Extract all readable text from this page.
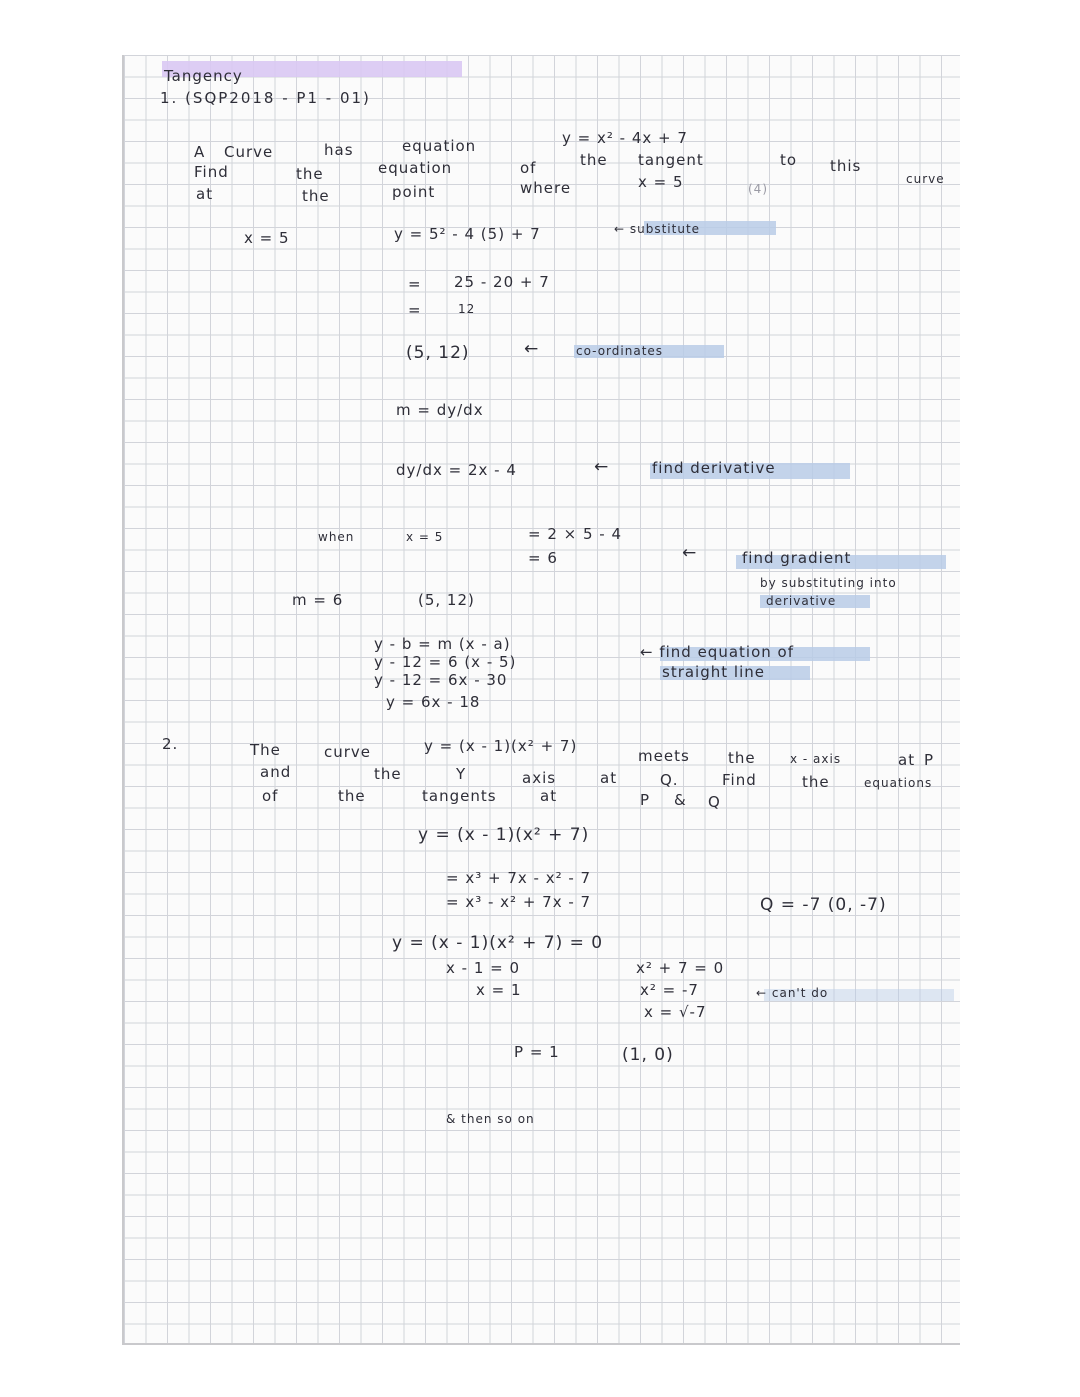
Tangency
1. (SQP2018 - P1 - 01)
A Curve	has	equation	y = x² - 4x + 7
Find	the	equation	of	the tangent	to this
curve
at	the	point	where	x = 5	(4)
x = 5	y = 5² - 4 (5) + 7	← substitute
= 25 - 20 + 7
=	12
(5, 12)	←	co-ordinates
m = dy/dx
dy/dx = 2x - 4	←	find derivative
when	x = 5	= 2 × 5 - 4
= 6	←	find gradient
by substituting into
derivative
m = 6	(5, 12)
y - b = m (x - a)
y - 12 = 6 (x - 5)
y - 12 = 6x - 30
y = 6x - 18
← find equation of
straight line
2.	The	curve	y = (x - 1)(x² + 7)
meets	the	x - axis	at P
and	the	Y	axis	at	Q.	Find	the	equations
of	the	tangents	at	P & Q
y = (x - 1)(x² + 7)
= x³ + 7x - x² - 7
= x³ - x² + 7x - 7	Q = -7 (0, -7)
y = (x - 1)(x² + 7) = 0
x - 1 = 0
x = 1
x² + 7 = 0
x² = -7	← can't do
x = √-7
P = 1	(1, 0)
& then so on
